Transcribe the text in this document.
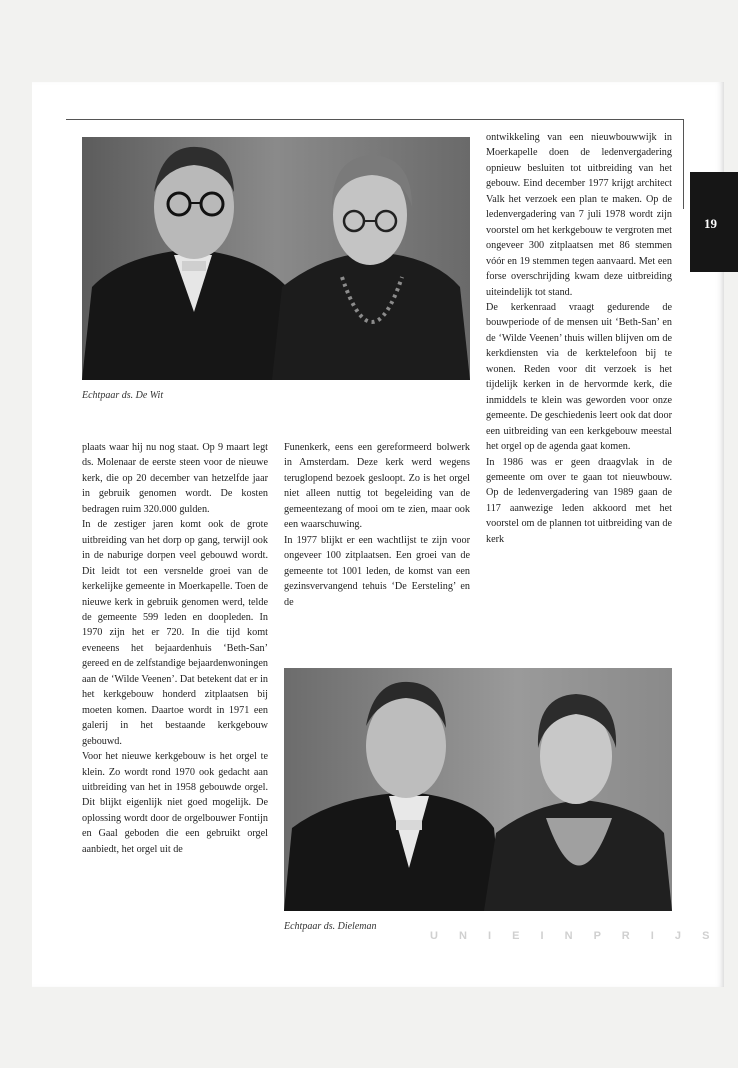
19
Echtpaar ds. De Wit
Echtpaar ds. Dieleman

plaats waar hij nu nog staat. Op 9 maart legt ds. Molenaar de eerste steen voor de nieuwe kerk, die op 20 december van hetzelfde jaar in gebruik genomen wordt. De kosten bedragen ruim 320.000 gulden.

In de zestiger jaren komt ook de grote uitbreiding van het dorp op gang, terwijl ook in de naburige dorpen veel gebouwd wordt. Dit leidt tot een versnelde groei van de kerkelijke gemeente in Moerkapelle. Toen de nieuwe kerk in gebruik genomen werd, telde de gemeente 599 leden en doopleden. In 1970 zijn het er 720. In die tijd komt eveneens het bejaardenhuis ‘Beth-San’ gereed en de zelfstandige bejaardenwoningen aan de ‘Wilde Veenen’. Dat betekent dat er in het kerkgebouw honderd zitplaatsen bij moeten komen. Daartoe wordt in 1971 een galerij in het bestaande kerkgebouw gebouwd.

Voor het nieuwe kerkgebouw is het orgel te klein. Zo wordt rond 1970 ook gedacht aan uitbreiding van het in 1958 gebouwde orgel. Dit blijkt eigenlijk niet goed mogelijk. De oplossing wordt door de orgelbouwer Fontijn en Gaal geboden die een gebruikt orgel aanbiedt, het orgel uit de

Funenkerk, eens een gereformeerd bolwerk in Amsterdam. Deze kerk werd wegens teruglopend bezoek gesloopt. Zo is het orgel niet alleen nuttig tot begeleiding van de gemeentezang of mooi om te zien, maar ook een waarschuwing.

In 1977 blijkt er een wachtlijst te zijn voor ongeveer 100 zitplaatsen. Een groei van de gemeente tot 1001 leden, de komst van een gezinsvervangend tehuis ‘De Eersteling’ en de

ontwikkeling van een nieuwbouwwijk in Moerkapelle doen de ledenvergadering opnieuw besluiten tot uitbreiding van het gebouw. Eind december 1977 krijgt architect Valk het verzoek een plan te maken. Op de ledenvergadering van 7 juli 1978 wordt zijn voorstel om het kerkgebouw te vergroten met ongeveer 300 zitplaatsen met 86 stemmen vóór en 19 stemmen tegen aanvaard. Met een forse overschrijding kwam deze uitbreiding uiteindelijk tot stand.

De kerkenraad vraagt gedurende de bouwperiode of de mensen uit ‘Beth-San’ en de ‘Wilde Veenen’ thuis willen blijven om de kerkdiensten via de kerktelefoon bij te wonen. Reden voor dit verzoek is het tijdelijk kerken in de hervormde kerk, die inmiddels te klein was geworden voor onze gemeente. De geschiedenis leert ook dat door een uitbreiding van een kerkgebouw meestal het orgel op de agenda gaat komen.

In 1986 was er geen draagvlak in de gemeente om over te gaan tot nieuwbouw. Op de ledenvergadering van 1989 gaan de 117 aanwezige leden akkoord met het voorstel om de plannen tot uitbreiding van de kerk

U N I E I N P R I J S
